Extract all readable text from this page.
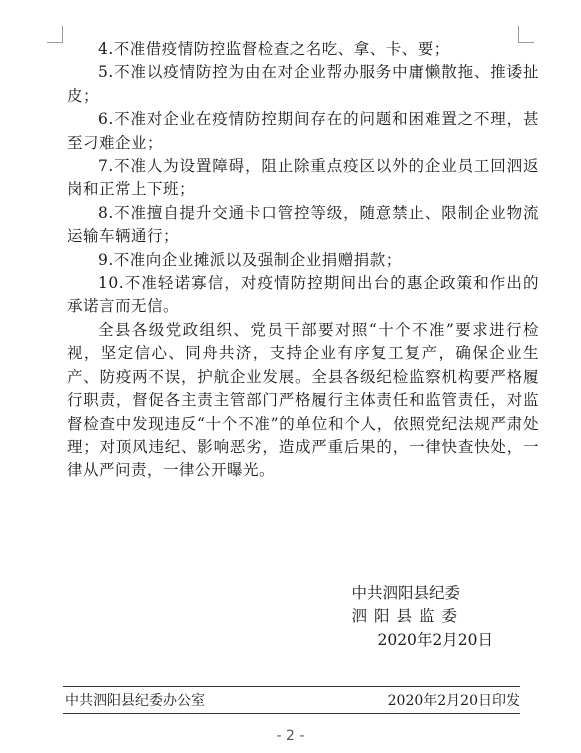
4.不准借疫情防控监督检查之名吃、拿、卡、要；

5.不准以疫情防控为由在对企业帮办服务中庸懒散拖、推诿扯皮；

6.不准对企业在疫情防控期间存在的问题和困难置之不理，甚至刁难企业；

7.不准人为设置障碍，阻止除重点疫区以外的企业员工回泗返岗和正常上下班；

8.不准擅自提升交通卡口管控等级，随意禁止、限制企业物流运输车辆通行；

9.不准向企业摊派以及强制企业捐赠捐款；

10.不准轻诺寡信，对疫情防控期间出台的惠企政策和作出的承诺言而无信。

全县各级党政组织、党员干部要对照“十个不准”要求进行检视，坚定信心、同舟共济，支持企业有序复工复产，确保企业生产、防疫两不误，护航企业发展。全县各级纪检监察机构要严格履行职责，督促各主责主管部门严格履行主体责任和监管责任，对监督检查中发现违反“十个不准”的单位和个人，依照党纪法规严肃处理；对顶风违纪、影响恶劣，造成严重后果的，一律快查快处，一律从严问责，一律公开曝光。

中共泗阳县纪委
泗阳县监委
2020年2月20日
中共泗阳县纪委办公室	2020年2月20日印发
- 2 -
